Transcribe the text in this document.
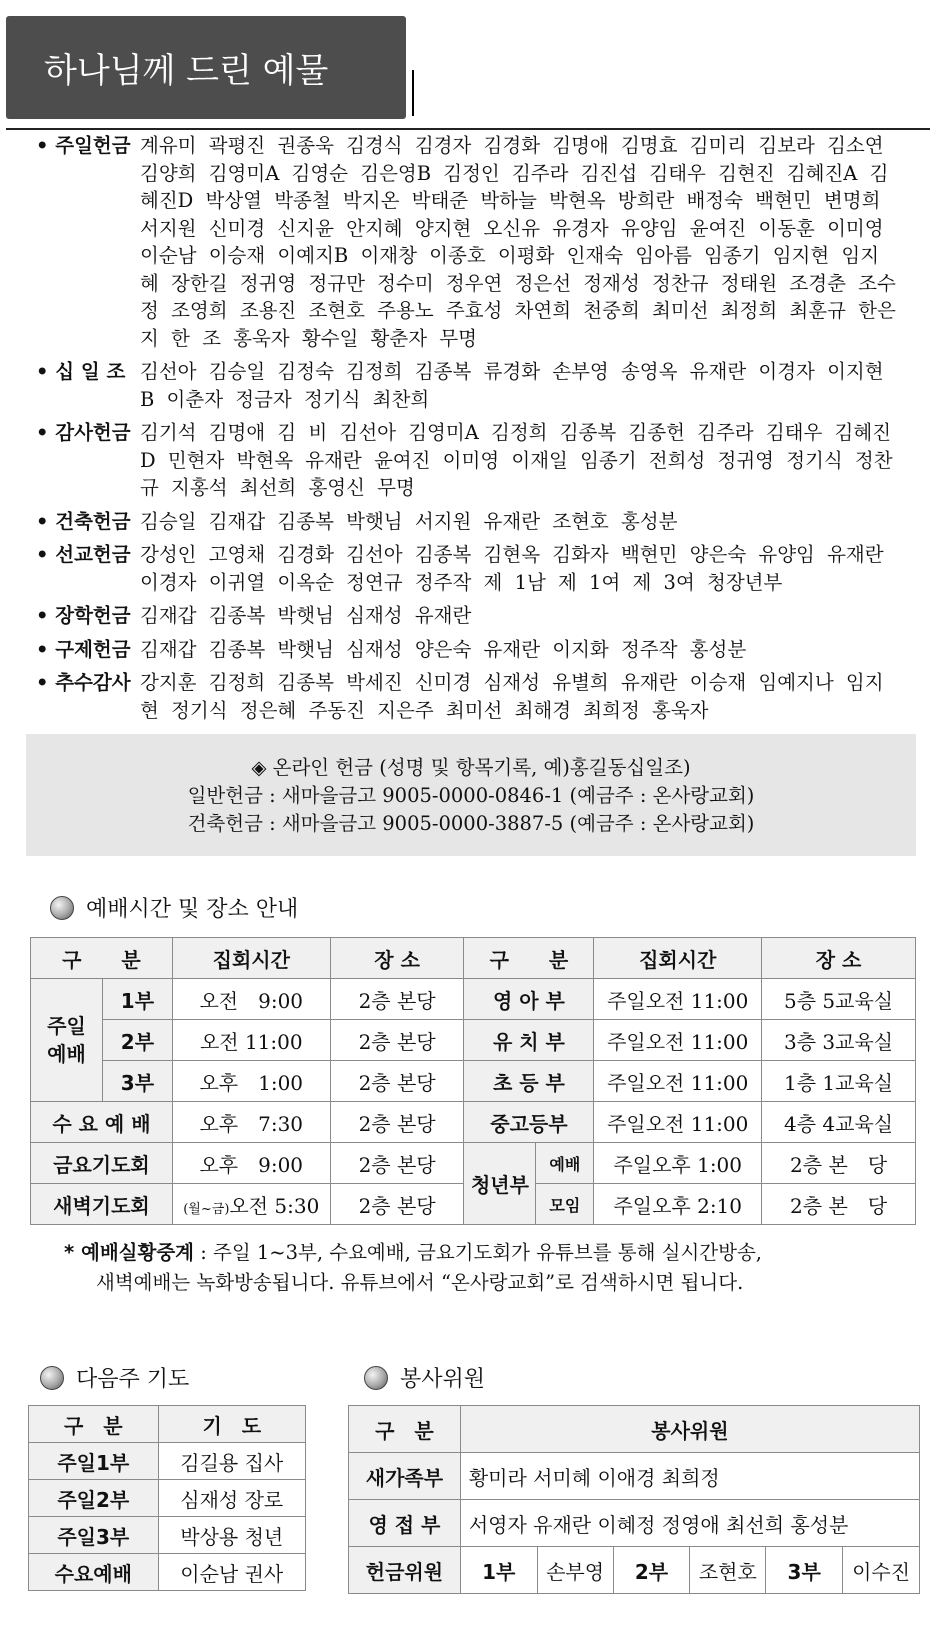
하나님께 드린 예물
• 주일헌금 계유미 곽평진 권종욱 김경식 김경자 김경화 김명애 김명효 김미리 김보라 김소연 김양희 김영미A 김영순 김은영B 김정인 김주라 김진섭 김태우 김현진 김혜진A 김혜진D 박상열 박종철 박지온 박태준 박하늘 박현옥 방희란 배정숙 백현민 변명희 서지원 신미경 신지윤 안지혜 양지현 오신유 유경자 유양임 윤여진 이동훈 이미영 이순남 이승재 이예지B 이재창 이종호 이평화 인재숙 임아름 임종기 임지현 임지혜 장한길 정귀영 정규만 정수미 정우연 정은선 정재성 정찬규 정태원 조경춘 조수정 조영희 조용진 조현호 주용노 주효성 차연희 천중희 최미선 최정희 최훈규 한은지 한 조 홍욱자 황수일 황춘자 무명
• 십 일 조 김선아 김승일 김정숙 김정희 김종복 류경화 손부영 송영옥 유재란 이경자 이지현B 이춘자 정금자 정기식 최찬희
• 감사헌금 김기석 김명애 김 비 김선아 김영미A 김정희 김종복 김종헌 김주라 김태우 김혜진D 민현자 박현옥 유재란 윤여진 이미영 이재일 임종기 전희성 정귀영 정기식 정찬규 지홍석 최선희 홍영신 무명
• 건축헌금 김승일 김재갑 김종복 박햇님 서지원 유재란 조현호 홍성분
• 선교헌금 강성인 고영채 김경화 김선아 김종복 김현옥 김화자 백현민 양은숙 유양임 유재란 이경자 이귀열 이옥순 정연규 정주작 제 1남 제 1여 제 3여 청장년부
• 장학헌금 김재갑 김종복 박햇님 심재성 유재란
• 구제헌금 김재갑 김종복 박햇님 심재성 양은숙 유재란 이지화 정주작 홍성분
• 추수감사 강지훈 김정희 김종복 박세진 신미경 심재성 유별희 유재란 이승재 임예지나 임지현 정기식 정은혜 주동진 지은주 최미선 최해경 최희정 홍욱자
◈ 온라인 헌금 (성명 및 항목기록, 예)홍길동십일조)
일반헌금 : 새마을금고 9005-0000-0846-1 (예금주 : 온사랑교회)
건축헌금 : 새마을금고 9005-0000-3887-5 (예금주 : 온사랑교회)
예배시간 및 장소 안내
구　　분		집회시간	장 소	구　　분		집회시간	장 소
주일예배	1부	오전　9:00	2층 본당	영 아 부		주일오전 11:00	5층 5교육실
	2부	오전 11:00	2층 본당	유 치 부		주일오전 11:00	3층 3교육실
	3부	오후　1:00	2층 본당	초 등 부		주일오전 11:00	1층 1교육실
수 요 예 배		오후　7:30	2층 본당	중고등부		주일오전 11:00	4층 4교육실
금요기도회		오후　9:00	2층 본당	청년부	예배	주일오후 1:00	2층 본　당
새벽기도회		(월~금)오전 5:30	2층 본당		모임	주일오후 2:10	2층 본　당
* 예배실황중계 : 주일 1~3부, 수요예배, 금요기도회가 유튜브를 통해 실시간방송,
새벽예배는 녹화방송됩니다. 유튜브에서 “온사랑교회”로 검색하시면 됩니다.
다음주 기도
구　분	기　도
주일1부	김길용 집사
주일2부	심재성 장로
주일3부	박상용 청년
수요예배	이순남 권사
봉사위원
구　분	봉사위원					
새가족부	황미라 서미혜 이애경 최희정					
영 접 부	서영자 유재란 이혜정 정영애 최선희 홍성분					
헌금위원	1부	손부영	2부	조현호	3부	이수진
